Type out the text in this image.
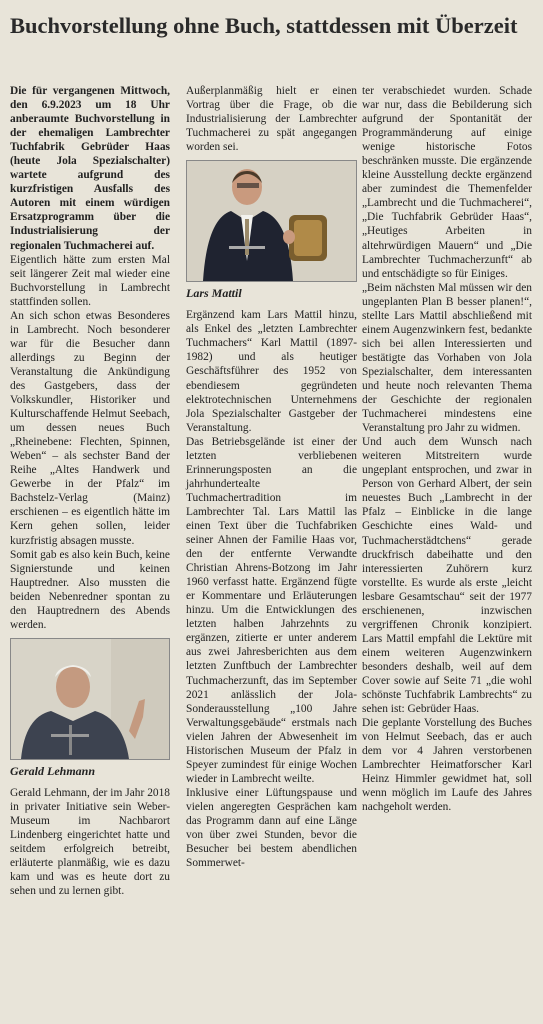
Buchvorstellung ohne Buch, stattdessen mit Überzeit

Die für vergangenen Mittwoch, den 6.9.2023 um 18 Uhr anberaumte Buchvorstellung in der ehemaligen Lambrechter Tuchfabrik Gebrüder Haas (heute Jola Spezialschalter) wartete aufgrund des kurzfristigen Ausfalls des Autoren mit einem würdigen Ersatzprogramm über die Industrialisierung der regionalen Tuchmacherei auf.

Eigentlich hätte zum ersten Mal seit längerer Zeit mal wieder eine Buchvorstellung in Lambrecht stattfinden sollen.

An sich schon etwas Besonderes in Lambrecht. Noch besonderer war für die Besucher dann allerdings zu Beginn der Veranstaltung die Ankündigung des Gastgebers, dass der Volkskundler, Historiker und Kulturschaffende Helmut Seebach, um dessen neues Buch „Rheinebene: Flechten, Spinnen, Weben“ – als sechster Band der Reihe „Altes Handwerk und Gewerbe in der Pfalz“ im Bachstelz-Verlag (Mainz) erschienen – es eigentlich hätte im Kern gehen sollen, leider kurzfristig absagen musste.

Somit gab es also kein Buch, keine Signierstunde und keinen Hauptredner. Also mussten die beiden Nebenredner spontan zu den Hauptrednern des Abends werden.

Gerald Lehmann

Gerald Lehmann, der im Jahr 2018 in privater Initiative sein Weber-Museum im Nachbarort Lindenberg eingerichtet hatte und seitdem erfolgreich betreibt, erläuterte planmäßig, wie es dazu kam und was es heute dort zu sehen und zu lernen gibt.

Außerplanmäßig hielt er einen Vortrag über die Frage, ob die Industrialisierung der Lambrechter Tuchmacherei zu spät angegangen worden sei.

Lars Mattil

Ergänzend kam Lars Mattil hinzu, als Enkel des „letzten Lambrechter Tuchmachers“ Karl Mattil (1897-1982) und als heutiger Geschäftsführer des 1952 von ebendiesem gegründeten elektrotechnischen Unternehmens Jola Spezialschalter Gastgeber der Veranstaltung.

Das Betriebsgelände ist einer der letzten verbliebenen Erinnerungsposten an die jahrhundertealte Tuchmachertradition im Lambrechter Tal. Lars Mattil las einen Text über die Tuchfabriken seiner Ahnen der Familie Haas vor, den der entfernte Verwandte Christian Ahrens-Botzong im Jahr 1960 verfasst hatte. Ergänzend fügte er Kommentare und Erläuterungen hinzu. Um die Entwicklungen des letzten halben Jahrzehnts zu ergänzen, zitierte er unter anderem aus zwei Jahresberichten aus dem letzten Zunftbuch der Lambrechter Tuchmacherzunft, das im September 2021 anlässlich der Jola-Sonderausstellung „100 Jahre Verwaltungsgebäude“ erstmals nach vielen Jahren der Abwesenheit im Historischen Museum der Pfalz in Speyer zumindest für einige Wochen wieder in Lambrecht weilte.

Inklusive einer Lüftungspause und vielen angeregten Gesprächen kam das Programm dann auf eine Länge von über zwei Stunden, bevor die Besucher bei bestem abendlichen Sommerwet-

ter verabschiedet wurden. Schade war nur, dass die Bebilderung sich aufgrund der Spontanität der Programmänderung auf einige wenige historische Fotos beschränken musste. Die ergänzende kleine Ausstellung deckte ergänzend aber zumindest die Themenfelder „Lambrecht und die Tuchmacherei“, „Die Tuchfabrik Gebrüder Haas“, „Heutiges Arbeiten in altehrwürdigen Mauern“ und „Die Lambrechter Tuchmacherzunft“ ab und entschädigte so für Einiges.

„Beim nächsten Mal müssen wir den ungeplanten Plan B besser planen!“, stellte Lars Mattil abschließend mit einem Augenzwinkern fest, bedankte sich bei allen Interessierten und bestätigte das Vorhaben von Jola Spezialschalter, dem interessanten und heute noch relevanten Thema der Geschichte der regionalen Tuchmacherei mindestens eine Veranstaltung pro Jahr zu widmen.

Und auch dem Wunsch nach weiteren Mitstreitern wurde ungeplant entsprochen, und zwar in Person von Gerhard Albert, der sein neuestes Buch „Lambrecht in der Pfalz – Einblicke in die lange Geschichte eines Wald- und Tuchmacherstädtchens“ gerade druckfrisch dabeihatte und den interessierten Zuhörern kurz vorstellte. Es wurde als erste „leicht lesbare Gesamtschau“ seit der 1977 erschienenen, inzwischen vergriffenen Chronik konzipiert. Lars Mattil empfahl die Lektüre mit einem weiteren Augenzwinkern besonders deshalb, weil auf dem Cover sowie auf Seite 71 „die wohl schönste Tuchfabrik Lambrechts“ zu sehen ist: Gebrüder Haas.

Die geplante Vorstellung des Buches von Helmut Seebach, das er auch dem vor 4 Jahren verstorbenen Lambrechter Heimatforscher Karl Heinz Himmler gewidmet hat, soll wenn möglich im Laufe des Jahres nachgeholt werden.
